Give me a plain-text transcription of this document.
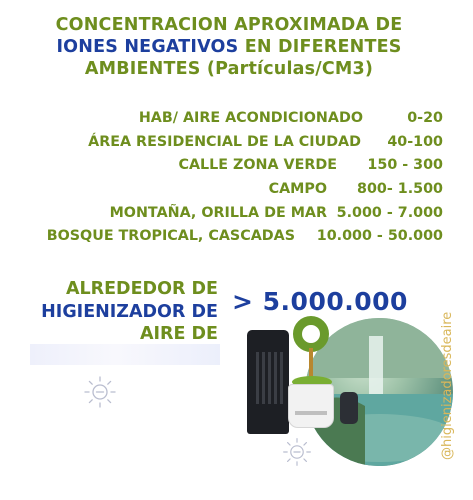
CONCENTRACION APROXIMADA DE
IONES NEGATIVOS EN DIFERENTES
AMBIENTES (Partículas/CM3)
HAB/ AIRE ACONDICIONADO	0-20
ÁREA RESIDENCIAL DE LA CIUDAD	40-100
CALLE ZONA VERDE	150 - 300
CAMPO	800- 1.500
MONTAÑA, ORILLA DE MAR 5.000 - 7.000
BOSQUE TROPICAL, CASCADAS	10.000 - 50.000
ALREDEDOR DE
HIGIENIZADOR DE
AIRE DE
> 5.000.000
@higienizadoresdeaire
